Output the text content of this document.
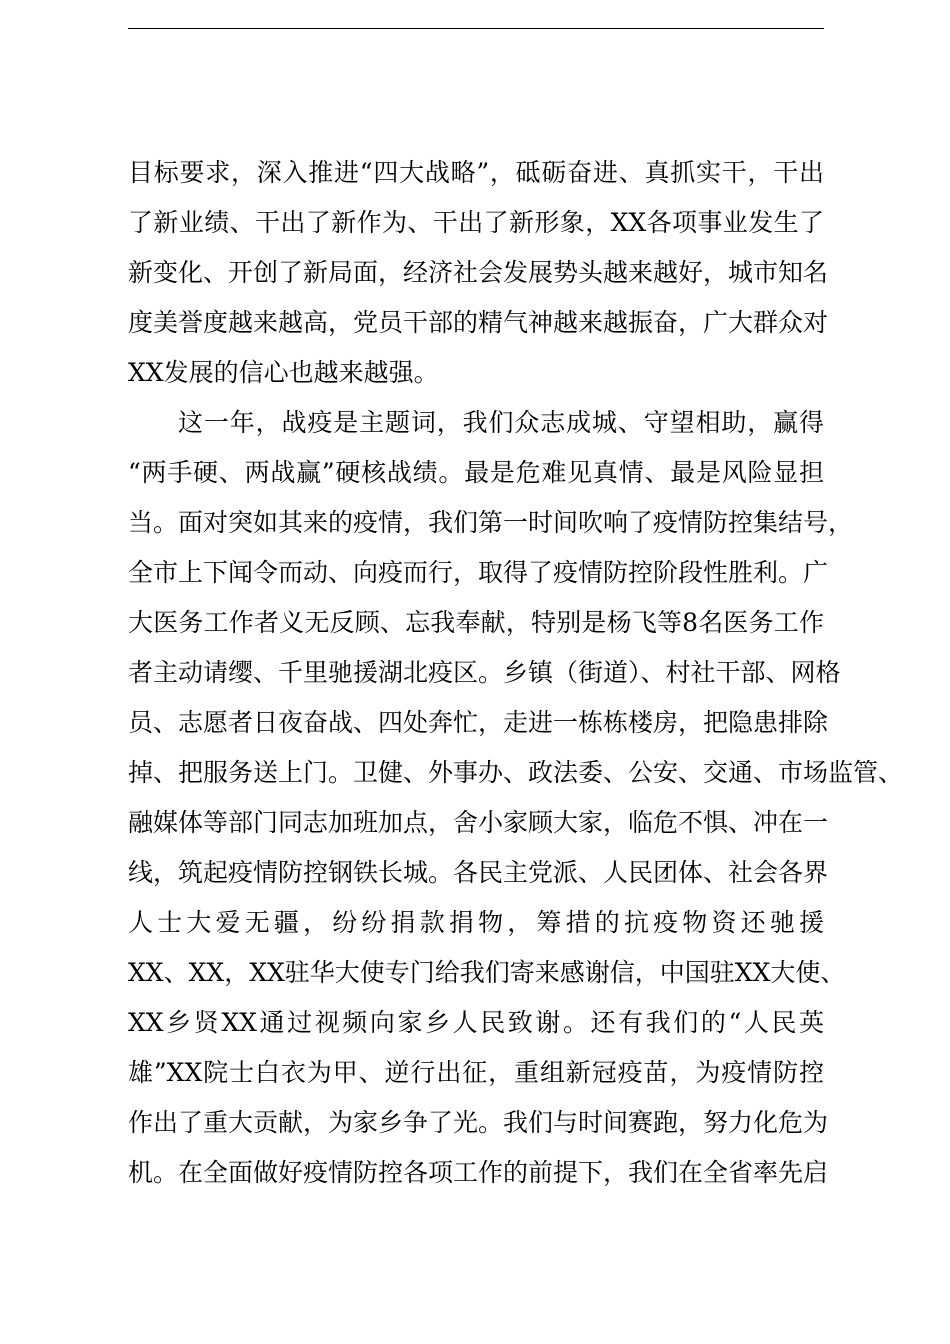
目标要求，深入推进“四大战略”，砥砺奋进、真抓实干，干出
了新业绩、干出了新作为、干出了新形象，XX各项事业发生了
新变化、开创了新局面，经济社会发展势头越来越好，城市知名
度美誉度越来越高，党员干部的精气神越来越振奋，广大群众对
XX发展的信心也越来越强。
这一年，战疫是主题词，我们众志成城、守望相助，赢得
“两手硬、两战赢”硬核战绩。最是危难见真情、最是风险显担
当。面对突如其来的疫情，我们第一时间吹响了疫情防控集结号，
全市上下闻令而动、向疫而行，取得了疫情防控阶段性胜利。广
大医务工作者义无反顾、忘我奉献，特别是杨飞等8名医务工作
者主动请缨、千里驰援湖北疫区。乡镇（街道）、村社干部、网格
员、志愿者日夜奋战、四处奔忙，走进一栋栋楼房，把隐患排除
掉、把服务送上门。卫健、外事办、政法委、公安、交通、市场监管、
融媒体等部门同志加班加点，舍小家顾大家，临危不惧、冲在一
线，筑起疫情防控钢铁长城。各民主党派、人民团体、社会各界
人士大爱无疆，纷纷捐款捐物，筹措的抗疫物资还驰援
XX、XX，XX驻华大使专门给我们寄来感谢信，中国驻XX大使、
XX乡贤XX通过视频向家乡人民致谢。还有我们的“人民英
雄”XX院士白衣为甲、逆行出征，重组新冠疫苗，为疫情防控
作出了重大贡献，为家乡争了光。我们与时间赛跑，努力化危为
机。在全面做好疫情防控各项工作的前提下，我们在全省率先启
